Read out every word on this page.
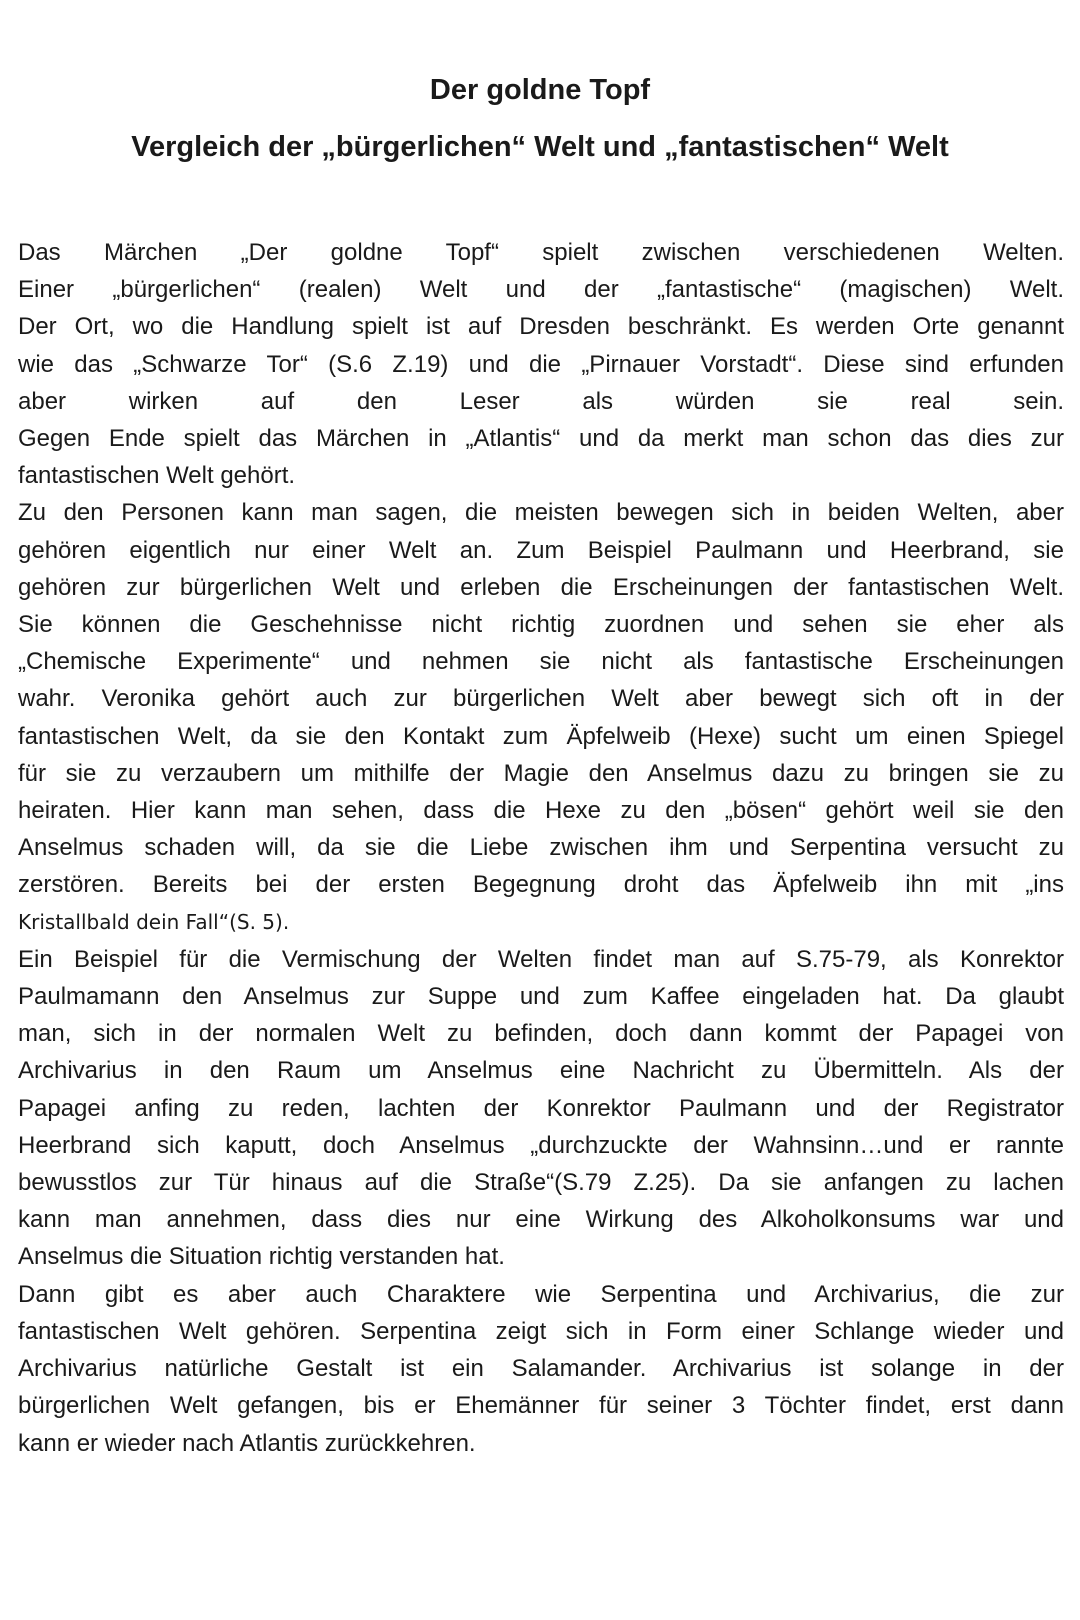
Der goldne Topf
Vergleich der „bürgerlichen“ Welt und „fantastischen“ Welt

Das Märchen „Der goldne Topf“ spielt zwischen verschiedenen Welten.
Einer „bürgerlichen“ (realen) Welt und der „fantastische“ (magischen) Welt.
Der Ort, wo die Handlung spielt ist auf Dresden beschränkt. Es werden Orte genannt
wie das „Schwarze Tor“ (S.6 Z.19) und die „Pirnauer Vorstadt“. Diese sind erfunden
aber wirken auf den Leser als würden sie real sein.
Gegen Ende spielt das Märchen in „Atlantis“ und da merkt man schon das dies zur
fantastischen Welt gehört.

Zu den Personen kann man sagen, die meisten bewegen sich in beiden Welten, aber
gehören eigentlich nur einer Welt an. Zum Beispiel Paulmann und Heerbrand, sie
gehören zur bürgerlichen Welt und erleben die Erscheinungen der fantastischen Welt.
Sie können die Geschehnisse nicht richtig zuordnen und sehen sie eher als
„Chemische Experimente“ und nehmen sie nicht als fantastische Erscheinungen
wahr. Veronika gehört auch zur bürgerlichen Welt aber bewegt sich oft in der
fantastischen Welt, da sie den Kontakt zum Äpfelweib (Hexe) sucht um einen Spiegel
für sie zu verzaubern um mithilfe der Magie den Anselmus dazu zu bringen sie zu
heiraten. Hier kann man sehen, dass die Hexe zu den „bösen“ gehört weil sie den
Anselmus schaden will, da sie die Liebe zwischen ihm und Serpentina versucht zu
zerstören. Bereits bei der ersten Begegnung droht das Äpfelweib ihn mit „ins
Kristallbald dein Fall“(S. 5).

Ein Beispiel für die Vermischung der Welten findet man auf S.75-79, als Konrektor
Paulmamann den Anselmus zur Suppe und zum Kaffee eingeladen hat. Da glaubt
man, sich in der normalen Welt zu befinden, doch dann kommt der Papagei von
Archivarius in den Raum um Anselmus eine Nachricht zu Übermitteln. Als der
Papagei anfing zu reden, lachten der Konrektor Paulmann und der Registrator
Heerbrand sich kaputt, doch Anselmus „durchzuckte der Wahnsinn…und er rannte
bewusstlos zur Tür hinaus auf die Straße“(S.79 Z.25). Da sie anfangen zu lachen
kann man annehmen, dass dies nur eine Wirkung des Alkoholkonsums war und
Anselmus die Situation richtig verstanden hat.

Dann gibt es aber auch Charaktere wie Serpentina und Archivarius, die zur
fantastischen Welt gehören. Serpentina zeigt sich in Form einer Schlange wieder und
Archivarius natürliche Gestalt ist ein Salamander. Archivarius ist solange in der
bürgerlichen Welt gefangen, bis er Ehemänner für seiner 3 Töchter findet, erst dann
kann er wieder nach Atlantis zurückkehren.
